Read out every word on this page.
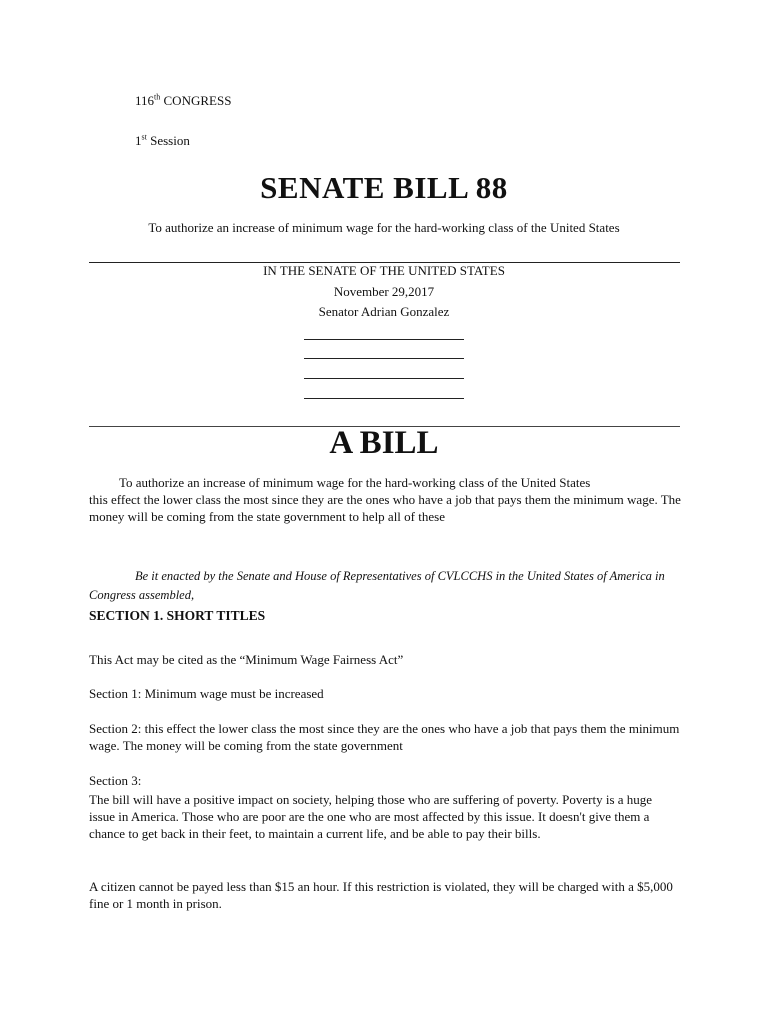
116th CONGRESS

1st Session

SENATE BILL 88

To authorize an increase of minimum wage for the hard-working class of the United States

IN THE SENATE OF THE UNITED STATES

November 29,2017

Senator Adrian Gonzalez

A BILL

To authorize an increase of minimum wage for the hard-working class of the United States
this effect the lower class the most since they are the ones who have a job that pays them the minimum wage. The money will be coming from the state government to help all of these

Be it enacted by the Senate and House of Representatives of CVLCCHS in the United States of America in Congress assembled,

SECTION 1. SHORT TITLES

This Act may be cited as the “Minimum Wage Fairness Act”

Section 1: Minimum wage must be increased

Section 2: this effect the lower class the most since they are the ones who have a job that pays them the minimum wage. The money will be coming from the state government

Section 3:

The bill will have a positive impact on society, helping those who are suffering of poverty. Poverty is a huge issue in America. Those who are poor are the one who are most affected by this issue. It doesn't give them a chance to get back in their feet, to maintain a current life, and be able to pay their bills.

A citizen cannot be payed less than $15 an hour. If this restriction is violated, they will be charged with a $5,000 fine or 1 month in prison.
